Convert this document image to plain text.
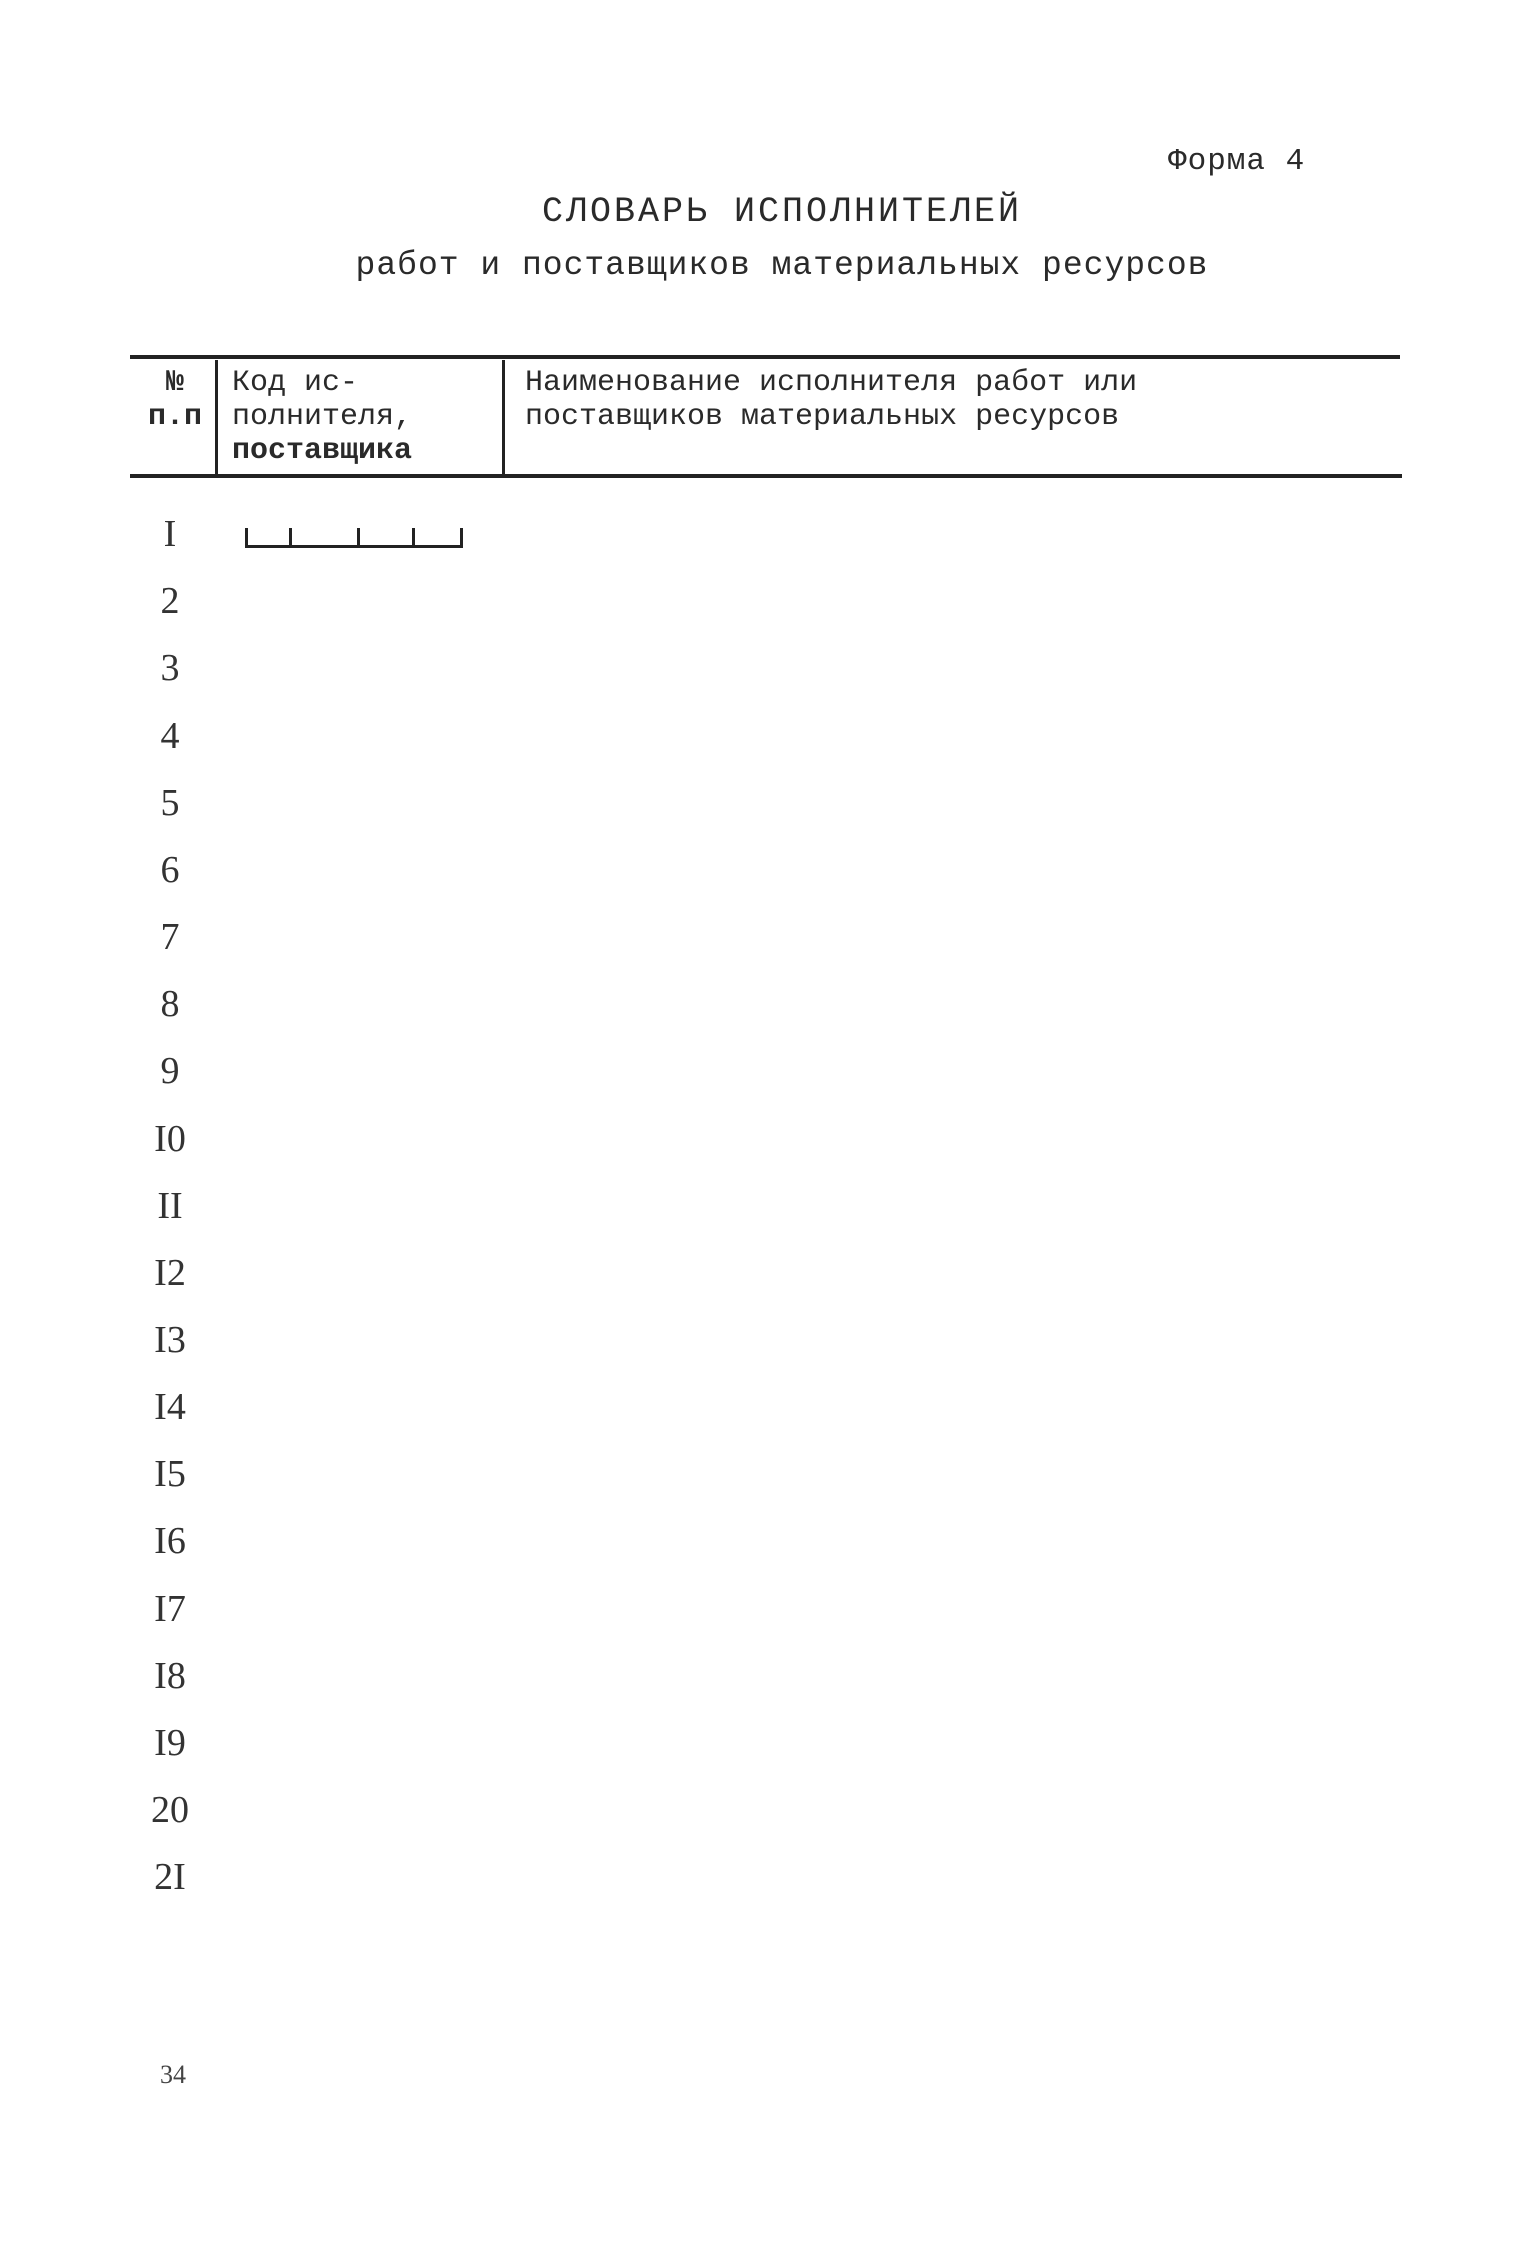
Форма 4
СЛОВАРЬ ИСПОЛНИТЕЛЕЙ
работ и поставщиков материальных ресурсов
№
п.п
Код ис-
полнителя,
поставщика
Наименование исполнителя работ или
поставщиков материальных ресурсов
I
2
3
4
5
6
7
8
9
I0
II
I2
I3
I4
I5
I6
I7
I8
I9
20
2I
34
